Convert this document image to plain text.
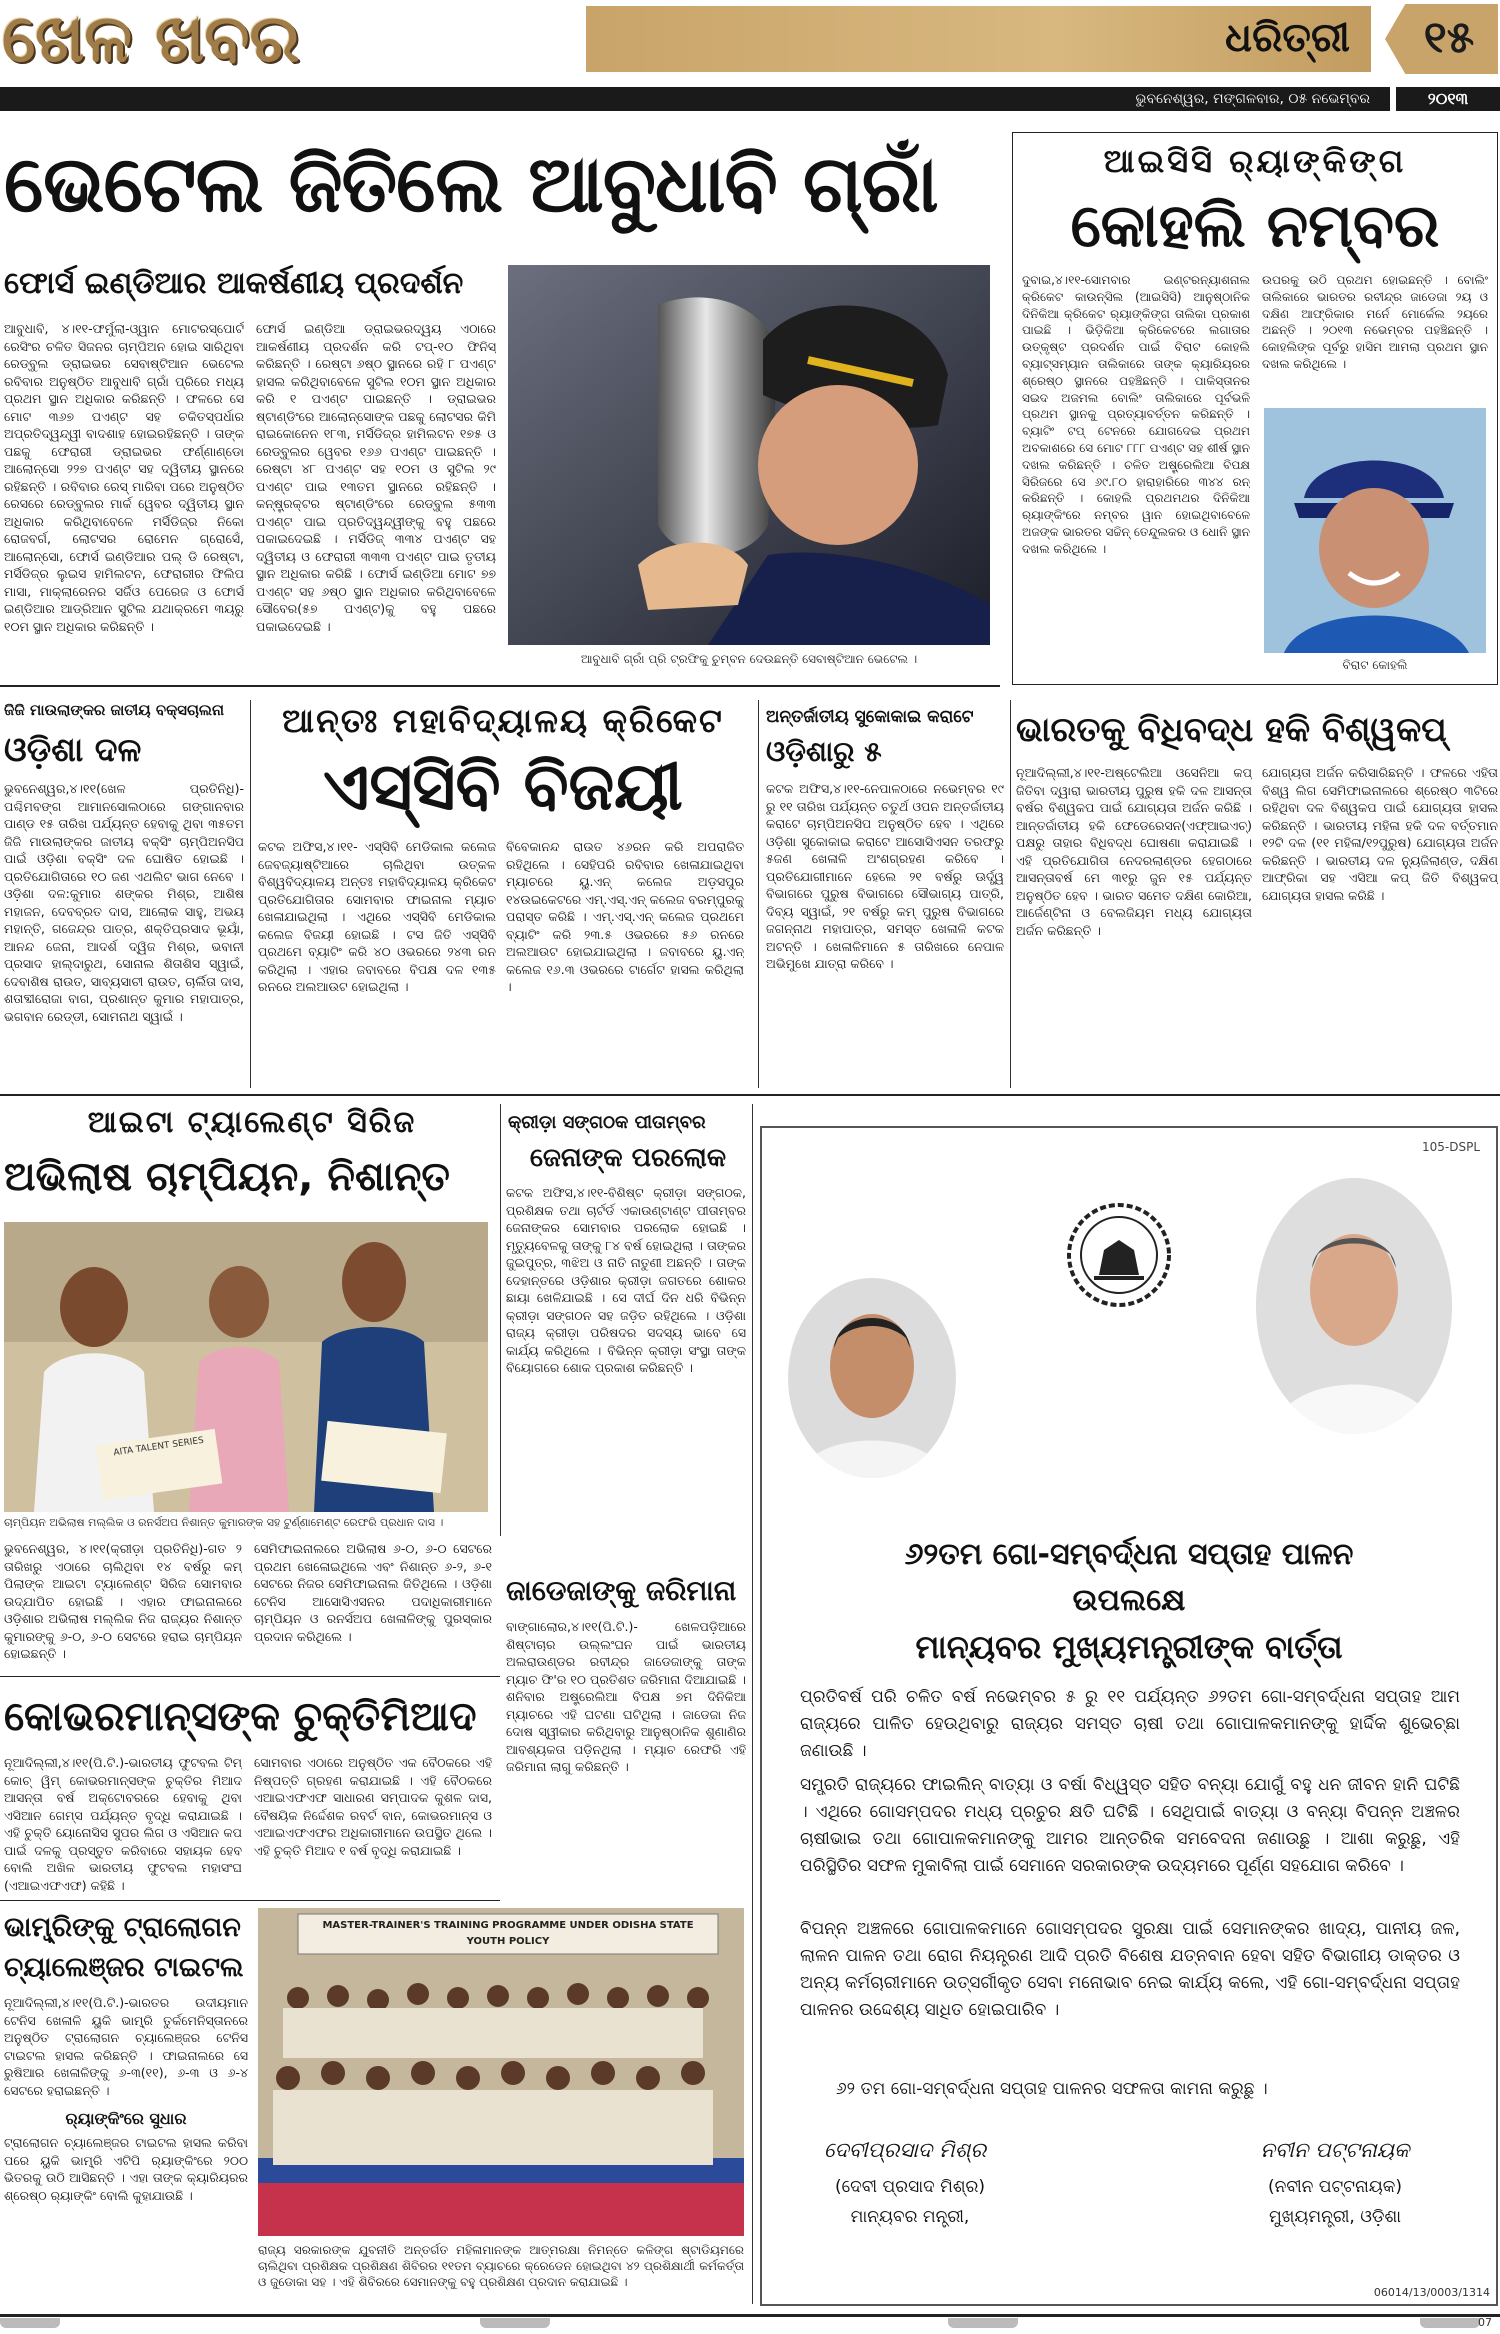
ଖେଳ ଖବର	ଧରିତ୍ରୀ	୧୫
ଭୁବନେଶ୍ୱର, ମଙ୍ଗଳବାର, ୦୫ ନଭେମ୍ବର	୨୦୧୩
ଭେଟେଲ ଜିତିଲେ ଆବୁଧାବି ଗ୍ରାଁ
ଫୋର୍ସ ଇଣ୍ଡିଆର ଆକର୍ଷଣୀୟ ପ୍ରଦର୍ଶନ
ଆବୁଧାବି, ୪।୧୧-ଫର୍ମୁଲା-ଓ୍ୱାନ ମୋଟରସ୍ପୋର୍ଟ ରେସିଂର ଚଳିତ ସିଜନର ଚାମ୍ପିଅନ ହୋଇ ସାରିଥିବା ରେଡ୍‌ବୁଲ ଡ୍ରାଇଭର ସେବାଷ୍ଟିଆନ ଭେଟେଲ ରବିବାର ଅନୁଷ୍ଠିତ ଆବୁଧାବି ଗ୍ରାଁ ପ୍ରିରେ ମଧ୍ୟ ପ୍ରଥମ ସ୍ଥାନ ଅଧିକାର କରିଛନ୍ତି । ଫଳରେ ସେ ମୋଟ ୩୬୭ ପଏଣ୍ଟ ସହ ଚକିତସ୍ପର୍ଧାର ଅପ୍ରତିଦ୍ୱନ୍ଦ୍ୱୀ ବାଦଶାହ ହୋଇରହିଛନ୍ତି । ତାଙ୍କ ପଛକୁ ଫେରାରୀ ଡ୍ରାଇଭର ଫର୍ଣ୍ଣାଣ୍ଡୋ ଆଲୋନ୍ସୋ ୨୨୭ ପଏଣ୍ଟ ସହ ଦ୍ୱିତୀୟ ସ୍ଥାନରେ ରହିଛନ୍ତି । ରବିବାର ରେସ୍‌ ମାରିବା ପରେ ଅନୁଷ୍ଠିତ ରେସରେ ରେଡ୍‌ବୁଲର ମାର୍କ ୱେବର ଦ୍ୱିତୀୟ ସ୍ଥାନ ଅଧିକାର କରିଥିବାବେଳେ ମର୍ସିଡିଜ୍‌ର ନିକୋ ରୋଜବର୍ଗ, ଲୋଟସର ରୋମେନ ଗ୍ରୋସେଁ, ଆଲୋନ୍ସୋ, ଫୋର୍ସ ଇଣ୍ଡିଆର ପଲ୍ ଡି ରେଷ୍ଟା, ମର୍ସିଡିଜ୍‌ର ଲୁଇସ ହାମିଲଟନ, ଫେରାରୀର ଫିଲିପ ମାସା, ମାକ୍‌ଲାରେନର ସର୍ଜିଓ ପେରେଜ ଓ ଫୋର୍ସ ଇଣ୍ଡିଆର ଆଡ୍ରିଆନ ସୁଟିଲ ଯଥାକ୍ରମେ ୩ୟରୁ ୧୦ମ ସ୍ଥାନ ଅଧିକାର କରିଛନ୍ତି ।
ଫୋର୍ସ ଇଣ୍ଡିଆ ଡ୍ରାଇଭରଦ୍ୱୟ ଏଠାରେ ଆକର୍ଷଣୀୟ ପ୍ରଦର୍ଶନ କରି ଟପ୍-୧୦ ଫିନିସ୍ କରିଛନ୍ତି । ରେଷ୍ଟା ୬ଷ୍ଠ ସ୍ଥାନରେ ରହି ୮ ପଏଣ୍ଟ ହାସଲ କରିଥିବାବେଳେ ସୁଟିଲ ୧୦ମ ସ୍ଥାନ ଅଧିକାର କରି ୧ ପଏଣ୍ଟ ପାଇଛନ୍ତି । ଡ୍ରାଇଭର ଷ୍ଟାଣ୍ଡିଂରେ ଆଲୋନ୍ସୋଙ୍କ ପଛକୁ ଲୋଟସର କିମି ରାଇକୋନେନ ୧୮୩, ମର୍ସିଡିଜ୍‌ର ହାମିଲଟନ ୧୭୫ ଓ ରେଡ୍‌ବୁଲର ୱେବର ୧୬୬ ପଏଣ୍ଟ ପାଇଛନ୍ତି । ରେଷ୍ଟା ୪୮ ପଏଣ୍ଟ ସହ ୧୦ମ ଓ ସୁଟିଲ ୨୯ ପଏଣ୍ଟ ପାଇ ୧୩ତମ ସ୍ଥାନରେ ରହିଛନ୍ତି । କନ୍‌ଷ୍ଟ୍ରକ୍‌ଟର ଷ୍ଟାଣ୍ଡିଂରେ ରେଡ୍‌ବୁଲ ୫୩୩ ପଏଣ୍ଟ ପାଇ ପ୍ରତିଦ୍ୱନ୍ଦ୍ୱୀଙ୍କୁ ବହୁ ପଛରେ ପକାଇଦେଇଛି । ମର୍ସିଡିଜ୍ ୩୩୪ ପଏଣ୍ଟ ସହ ଦ୍ୱିତୀୟ ଓ ଫେରାରୀ ୩୩୩ ପଏଣ୍ଟ ପାଇ ତୃତୀୟ ସ୍ଥାନ ଅଧିକାର କରିଛି । ଫୋର୍ସ ଇଣ୍ଡିଆ ମୋଟ ୭୭ ପଏଣ୍ଟ ସହ ୬ଷ୍ଠ ସ୍ଥାନ ଅଧିକାର କରିଥିବାବେଳେ ସୌବେର(୫୭ ପଏଣ୍ଟ)କୁ ବହୁ ପଛରେ ପକାଇଦେଇଛି ।
ଆବୁଧାବି ଗ୍ରାଁ ପ୍ରି ଟ୍ରଫିକୁ ଚୁମ୍ବନ ଦେଉଛନ୍ତି ସେବାଷ୍ଟିଆନ ଭେଟେଲ ।
ଆଇସିସି ର୍‍ୟାଙ୍କିଙ୍ଗ
କୋହଲି ନମ୍ବର
ଦୁବାଇ,୪।୧୧-ସୋମବାର ଇଣ୍ଟରନ୍ୟାଶନାଲ କ୍ରିକେଟ କାଉନ୍‌ସିଲ (ଆଇସିସି) ଆନୁଷ୍ଠାନିକ ଦିନିକିଆ କ୍ରିକେଟ ର୍‍ୟାଙ୍କିଙ୍ଗ ତାଲିକା ପ୍ରକାଶ ପାଇଛି । ଭିଡ଼ିକିଆ କ୍ରିକେଟରେ ଲଗାତାର ଉତ୍କୃଷ୍ଟ ପ୍ରଦର୍ଶନ ପାଇଁ ବିରାଟ କୋହଲି ବ୍ୟାଟ୍‌ସମ୍ୟାନ ତାଲିକାରେ ତାଙ୍କ କ୍ୟାରିୟରର ଶ୍ରେଷ୍ଠ ସ୍ଥାନରେ ପହଞ୍ଚିଛନ୍ତି । ପାକିସ୍ତାନର ସଇଦ ଅଜମଲ ବୋଲିଂ ତାଲିକାରେ ପୂର୍ବଭଳି ପ୍ରଥମ ସ୍ଥାନକୁ ପ୍ରତ୍ୟାବର୍ତ୍ତନ କରିଛନ୍ତି । ବ୍ୟାଟିଂ ଟପ୍ ଟେନରେ ଯୋଗଦେଇ ପ୍ରଥମ ଅବକାଶରେ ସେ ମୋଟ ୮୮୮ ପଏଣ୍ଟ ସହ ଶୀର୍ଷ ସ୍ଥାନ ଦଖଲ କରିଛନ୍ତି । ଚଳିତ ଅଷ୍ଟ୍ରେଲିଆ ବିପକ୍ଷ ସିରିଜରେ ସେ ୬୯.୮୦ ହାରାହାରିରେ ୩୪୪ ରନ୍ କରିଛନ୍ତି । କୋହଲି ପ୍ରଥମଥର ଦିନିକିଆ ର୍‍ୟାଙ୍କିଂରେ ନମ୍ବର ୱାନ ହୋଇଥିବାବେଳେ ଅଜଙ୍କ ଭାରତର ସଚ୍ଚିନ୍ ତେନ୍ଦୁଲକର ଓ ଧୋନି ସ୍ଥାନ ଦଖଲ କରିଥିଲେ ।
ଉପରକୁ ଉଠି ପ୍ରଥମ ହୋଇଛନ୍ତି । ବୋଲିଂ ତାଲିକାରେ ଭାରତର ରବୀନ୍ଦ୍ର ଜାଡେଜା ୨ୟ ଓ ଦକ୍ଷିଣ ଆଫ୍ରିକାର ମର୍ନେ ମୋର୍କେଲ ୨ୟରେ ଅଛନ୍ତି । ୨୦୧୩ ନଭେମ୍ବର ପହଞ୍ଚିଛନ୍ତି । କୋହଲିଙ୍କ ପୂର୍ବରୁ ହାସିମ ଆମଲା ପ୍ରଥମ ସ୍ଥାନ ଦଖଲ କରିଥିଲେ ।
ବିରାଟ କୋହଲି
ଜିଜି ମାଉଲାଙ୍କର ଜାତୀୟ ବକ୍ସଚାଲନା
ଓଡ଼ିଶା ଦଳ
ଭୁବନେଶ୍ୱର,୪।୧୧(ଖେଳ ପ୍ରତିନିଧି)- ପଶ୍ଚିମବଙ୍ଗ ଆମାନସୋଲଠାରେ ଗଙ୍ଗାନବାର ପାଣ୍ଡ ୧୫ ତାରିଖ ପର୍ଯ୍ୟନ୍ତ ହେବାକୁ ଥିବା ୩୫ତମ ଜିଜି ମାଉଲାଙ୍କର ଜାତୀୟ ବକ୍ସିଂ ଚାମ୍ପିଅନସିପ ପାଇଁ ଓଡ଼ିଶା ବକ୍ସିଂ ଦଳ ଘୋଷିତ ହୋଇଛି । ପ୍ରତିଯୋଗିତାରେ ୧୦ ଜଣ ଏଥଲିଟ ଭାଗ ନେବେ । ଓଡ଼ିଶା ଦଳ:କୁମାର ଶଙ୍କର ମିଶ୍ର, ଆଶିଷ ମହାଜନ, ଦେବବ୍ରତ ଦାସ, ଆଲୋକ ସାହୁ, ଅଭୟ ମହାନ୍ତି, ଗଜେନ୍ଦ୍ର ପାତ୍ର, ଶକ୍ତିପ୍ରସାଦ ଭୂୟାଁ, ଆନନ୍ଦ ଜେନା, ଆଦର୍ଶ ଦ୍ୱିଜ ମିଶ୍ର, ଭବାନୀ ପ୍ରସାଦ ହାଲ୍ଦାରୁଥ, ସୋନାଲ ଶିତାଶିସ ସ୍ୱାଇଁ, ଦେବାଶିଷ ରାଉତ, ସାବ୍ୟସାଚୀ ରାଉତ, ଚାର୍ଲିତା ଦାସ, ଶତାବ୍ଦୀରୋଜା ବାଗ, ପ୍ରଶାନ୍ତ କୁମାର ମହାପାତ୍ର, ଭଗବାନ ରେଡ୍ଡୀ, ସୋମନାଥ ସ୍ୱାଇଁ ।
ଆନ୍ତଃ ମହାବିଦ୍ୟାଳୟ କ୍ରିକେଟ
ଏସ୍‌ସିବି ବିଜୟୀ
କଟକ ଅଫିସ,୪।୧୧- ଏସ୍‌ସିବି ମେଡିକାଲ କଲେଜ ଜେବଜ୍ୟାଷ୍ଟିଆରେ ଚାଲିଥିବା ଉତ୍କଳ ବିଶ୍ୱବିଦ୍ୟାଳୟ ଅନ୍ତଃ ମହାବିଦ୍ୟାଳୟ କ୍ରିକେଟ ପ୍ରତିଯୋଗିତାର ସୋମବାର ଫାଇନାଲ ମ୍ୟାଚ ଖେଳାଯାଇଥିଲା । ଏଥିରେ ଏସ୍‌ସିବି ମେଡିକାଲ କଲେଜ ବିଜୟୀ ହୋଇଛି । ଟସ ଜିତି ଏସ୍‌ସିବି ପ୍ରଥମେ ବ୍ୟାଟିଂ କରି ୪୦ ଓଭରରେ ୨୪୩ ରନ କରିଥିଲା । ଏହାର ଜବାବରେ ବିପକ୍ଷ ଦଳ ୧୩୫ ରନରେ ଅଲଆଉଟ ହୋଇଥିଲା ।
ବିବେକାନନ୍ଦ ରାଉତ ୪୬ରନ କରି ଅପରାଜିତ ରହିଥିଲେ । ସେହିପରି ରବିବାର ଖେଳାଯାଇଥିବା ମ୍ୟାଚରେ ୟୁ.ଏନ୍ କଲେଜ ଅଡ଼ସପୁର ୧୪ଉଇକେଟରେ ଏମ୍.ଏସ୍.ଏନ୍ କଲେଜ ବରମ୍ପୁରକୁ ପରାସ୍ତ କରିଛି । ଏମ୍.ଏସ୍.ଏନ୍ କଲେଜ ପ୍ରଥମେ ବ୍ୟାଟିଂ କରି ୨୩.୫ ଓଭରରେ ୫୬ ରନରେ ଅଲଆଉଟ ହୋଇଯାଇଥିଲା । ଜବାବରେ ୟୁ.ଏନ୍ କଲେଜ ୧୬.୩ ଓଭରରେ ଟାର୍ଗେଟ ହାସଲ କରିଥିଲା ।
ଅନ୍ତର୍ଜାତୀୟ ସୁକୋକାଇ କରାଟେ
ଓଡ଼ିଶାରୁ ୫
କଟକ ଅଫିସ,୪।୧୧-ନେପାଳଠାରେ ନଭେମ୍ବର ୧୯ ରୁ ୧୧ ତାରିଖ ପର୍ଯ୍ୟନ୍ତ ଚତୁର୍ଥ ଓପନ ଅନ୍ତର୍ଜାତୀୟ କରାଟେ ଚାମ୍ପିଅନସିପ ଅନୁଷ୍ଠିତ ହେବ । ଏଥିରେ ଓଡ଼ିଶା ସୁକୋକାଇ କରାଟେ ଆସୋସିଏସନ ତରଫରୁ ୫ଜଣ ଖେଳାଳି ଅଂଶଗ୍ରହଣ କରିବେ । ପ୍ରତିଯୋଗୀମାନେ ହେଲେ ୨୧ ବର୍ଷରୁ ଊର୍ଦ୍ଧ୍ୱ ବିଭାଗରେ ପୁରୁଷ ବିଭାଗରେ ସୌଭାଗ୍ୟ ପାତ୍ରି, ଦିବ୍ୟ ସ୍ୱାଇଁ, ୨୧ ବର୍ଷରୁ କମ୍ ପୁରୁଷ ବିଭାଗରେ ଜଗନ୍ନାଥ ମହାପାତ୍ର, ସମସ୍ତ ଖେଳାଳି କଟକ ଅଟନ୍ତି । ଖେଳାଳିମାନେ ୫ ତାରିଖରେ ନେପାଳ ଅଭିମୁଖେ ଯାତ୍ରା କରିବେ ।
ଭାରତକୁ ବିଧିବଦ୍ଧ ହକି ବିଶ୍ୱକପ୍
ନୂଆଦିଲ୍ଲୀ,୪।୧୧-ଅଷ୍ଟେଲିଆ ଓସେନିଆ କପ୍ ଜିତିବା ଦ୍ୱାରା ଭାରତୀୟ ପୁରୁଷ ହକି ଦଳ ଆସନ୍ତା ବର୍ଷର ବିଶ୍ୱକପ ପାଇଁ ଯୋଗ୍ୟତା ଅର୍ଜନ କରିଛି । ଆନ୍ତର୍ଜାତୀୟ ହକି ଫେଡେରେସନ(ଏଫ୍‌ଆଇଏଚ୍) ପକ୍ଷରୁ ତାହାର ବିଧିବଦ୍ଧ ଘୋଷଣା କରାଯାଇଛି । ଏହି ପ୍ରତିଯୋଗିତା ନେଦରଲାଣ୍ଡର ହେଗଠାରେ ଆସନ୍ତାବର୍ଷ ମେ ୩୧ରୁ ଜୁନ ୧୫ ପର୍ଯ୍ୟନ୍ତ ଅନୁଷ୍ଠିତ ହେବ । ଭାରତ ସମେତ ଦକ୍ଷିଣ କୋରିଆ, ଆର୍ଜେଣ୍ଟିନା ଓ ବେଲଜିୟମ ମଧ୍ୟ ଯୋଗ୍ୟତା ଅର୍ଜନ କରିଛନ୍ତି ।
ଯୋଗ୍ୟତା ଅର୍ଜନ କରିସାରିଛନ୍ତି । ଫଳରେ ଏହିତା ବିଶ୍ୱ ଲିଗ ସେମିଫାଇନାଲରେ ଶ୍ରେଷ୍ଠ ୩ଟିରେ ରହିଥିବା ଦଳ ବିଶ୍ୱକପ ପାଇଁ ଯୋଗ୍ୟତା ହାସଲ କରିଛନ୍ତି । ଭାରତୀୟ ମହିଳା ହକି ଦଳ ବର୍ତ୍ତମାନ ୧୨ଟି ଦଳ (୧୧ ମହିଳା/୧୨ପୁରୁଷ) ଯୋଗ୍ୟତା ଅର୍ଜନ କରିଛନ୍ତି । ଭାରତୀୟ ଦଳ ନ୍ୟୁଜିଲାଣ୍ଡ, ଦକ୍ଷିଣ ଆଫ୍ରିକା ସହ ଏସିଆ କପ୍ ଜିତି ବିଶ୍ୱକପ୍ ଯୋଗ୍ୟତା ହାସଲ କରିଛି ।
ଆଇଟା ଟ୍ୟାଲେଣ୍ଟ ସିରିଜ
ଅଭିଲାଷ ଚାମ୍ପିୟନ, ନିଶାନ୍ତ
AITA TALENT SERIES
ଚାମ୍ପିୟନ ଅଭିଲାଷ ମଲ୍ଲିକ ଓ ରନର୍ସଅପ ନିଶାନ୍ତ କୁମାରଙ୍କ ସହ ଟୁର୍ଣ୍ଣାମେଣ୍ଟ ରେଫରି ପ୍ରଧାନ ଦାସ ।
ଭୁବନେଶ୍ୱର, ୪।୧୧(କ୍ରୀଡ଼ା ପ୍ରତିନିଧି)-ଗତ ୨ ତାରିଖରୁ ଏଠାରେ ଚାଲିଥିବା ୧୪ ବର୍ଷରୁ କମ୍ ପିଲାଙ୍କ ଆଇଟା ଟ୍ୟାଲେଣ୍ଟ ସିରିଜ ସୋମବାର ଉଦ୍‌ଯାପିତ ହୋଇଛି । ଏହାର ଫାଇନାଲରେ ଓଡ଼ିଶାର ଅଭିଲାଷ ମଲ୍ଲିକ ନିଜ ରାଜ୍ୟର ନିଶାନ୍ତ କୁମାରଙ୍କୁ ୬-୦, ୬-୦ ସେଟରେ ହରାଇ ଚାମ୍ପିୟନ ହୋଇଛନ୍ତି ।
ସେମିଫାଇନାଲରେ ଅଭିଲାଷ ୬-୦, ୬-୦ ସେଟରେ ପ୍ରଥମ ଖେଳୋଇଥିଲେ ଏବଂ ନିଶାନ୍ତ ୬-୨, ୬-୧ ସେଟରେ ନିଜର ସେମିଫାଇନାଲ ଜିତିଥିଲେ । ଓଡ଼ିଶା ଟେନିସ ଆସୋସିଏସନର ପଦାଧିକାରୀମାନେ ଚାମ୍ପିୟନ ଓ ରନର୍ସଅପ ଖେଳାଳିଙ୍କୁ ପୁରସ୍କାର ପ୍ରଦାନ କରିଥିଲେ ।
କ୍ରୀଡ଼ା ସଙ୍ଗଠକ ପୀତାମ୍ବର
ଜେନାଙ୍କ ପରଲୋକ
କଟକ ଅଫିସ,୪।୧୧-ବିଶିଷ୍ଟ କ୍ରୀଡ଼ା ସଙ୍ଗଠକ, ପ୍ରଶିକ୍ଷକ ତଥା ଚାର୍ଟର୍ଡ ଏକାଉଣ୍ଟାଣ୍ଟ ପୀତାମ୍ବର ଜେନାଙ୍କର ସୋମବାର ପରଲୋକ ହୋଇଛି । ମୃତ୍ୟୁବେଳକୁ ତାଙ୍କୁ ୮୪ ବର୍ଷ ହୋଇଥିଲା । ତାଙ୍କର ଜୁଇପୁତ୍ର, ୩ଝିଅ ଓ ନାତି ନାତୁଣୀ ଅଛନ୍ତି । ତାଙ୍କ ଦେହାନ୍ତରେ ଓଡ଼ିଶାର କ୍ରୀଡ଼ା ଜଗତରେ ଶୋକର ଛାୟା ଖେଳିଯାଇଛି । ସେ ଦୀର୍ଘ ଦିନ ଧରି ବିଭିନ୍ନ କ୍ରୀଡ଼ା ସଙ୍ଗଠନ ସହ ଜଡ଼ିତ ରହିଥିଲେ । ଓଡ଼ିଶା ରାଜ୍ୟ କ୍ରୀଡ଼ା ପରିଷଦର ସଦସ୍ୟ ଭାବେ ସେ କାର୍ଯ୍ୟ କରିଥିଲେ । ବିଭିନ୍ନ କ୍ରୀଡ଼ା ସଂସ୍ଥା ତାଙ୍କ ବିୟୋଗରେ ଶୋକ ପ୍ରକାଶ କରିଛନ୍ତି ।
ଜାଡେଜାଙ୍କୁ ଜରିମାନା
ବାଙ୍ଗାଲୋର,୪।୧୧(ପି.ଟି.)- ଖେଳପଡ଼ିଆରେ ଶିଷ୍ଟାଚାର ଉଲ୍ଲଂଘନ ପାଇଁ ଭାରତୀୟ ଅଲରାଉଣ୍ଡର ରବୀନ୍ଦ୍ର ଜାଡେଜାଙ୍କୁ ତାଙ୍କ ମ୍ୟାଚ ଫି'ର ୧୦ ପ୍ରତିଶତ ଜରିମାନା ଦିଆଯାଇଛି । ଶନିବାର ଅଷ୍ଟ୍ରେଲିଆ ବିପକ୍ଷ ୭ମ ଦିନିକିଆ ମ୍ୟାଚରେ ଏହି ଘଟଣା ଘଟିଥିଲା । ଜାଡେଜା ନିଜ ଦୋଷ ସ୍ୱୀକାର କରିଥିବାରୁ ଆନୁଷ୍ଠାନିକ ଶୁଣାଣିର ଆବଶ୍ୟକତା ପଡ଼ିନଥିଲା । ମ୍ୟାଚ ରେଫରି ଏହି ଜରିମାନା ଲାଗୁ କରିଛନ୍ତି ।
କୋଭରମାନ୍ସଙ୍କ ଚୁକ୍ତିମିଆଦ
ନୂଆଦିଲ୍ଲୀ,୪।୧୧(ପି.ଟି.)-ଭାରତୀୟ ଫୁଟବଲ ଟିମ୍ କୋଚ୍ ୱିମ୍ କୋଭରମାନ୍ସଙ୍କ ଚୁକ୍ତିର ମିଆଦ ଆସନ୍ତା ବର୍ଷ ଅକ୍ଟୋବରରେ ହେବାକୁ ଥିବା ଏସିଆନ ଗେମ୍ସ ପର୍ଯ୍ୟନ୍ତ ବୃଦ୍ଧି କରାଯାଇଛି । ଏହି ଚୁକ୍ତି ୟୋନୋସିସ ସୁପର ଲିଗ ଓ ଏସିଆନ କପ ପାଇଁ ଦଳକୁ ପ୍ରସ୍ତୁତ କରିବାରେ ସହାୟକ ହେବ ବୋଲି ଅଖିଳ ଭାରତୀୟ ଫୁଟବଲ ମହାସଂଘ (ଏଆଇଏଫଏଫ) କହିଛି ।
ସୋମବାର ଏଠାରେ ଅନୁଷ୍ଠିତ ଏକ ବୈଠକରେ ଏହି ନିଷ୍ପତ୍ତି ଗ୍ରହଣ କରାଯାଇଛି । ଏହି ବୈଠକରେ ଏଆଇଏଫଏଫ ସାଧାରଣ ସମ୍ପାଦକ କୁଶଳ ଦାସ, ବୈଷୟିକ ନିର୍ଦ୍ଦେଶକ ରବର୍ଟ ବାନ, କୋଭରମାନ୍ସ ଓ ଏଆଇଏଫଏଫର ଅଧିକାରୀମାନେ ଉପସ୍ଥିତ ଥିଲେ । ଏହି ଚୁକ୍ତି ମିଆଦ ୧ ବର୍ଷ ବୃଦ୍ଧି କରାଯାଇଛି ।
ଭାମ୍ବ୍ରିଙ୍କୁ ଟ୍ରାଲୋଗନ
ଚ୍ୟାଲେଞ୍ଜର ଟାଇଟଲ
ନୂଆଦିଲ୍ଲୀ,୪।୧୧(ପି.ଟି.)-ଭାରତର ଉଦୀୟମାନ ଟେନିସ ଖେଳାଳି ୟୁକି ଭାମ୍ବ୍ରି ତୁର୍କମେନିସ୍ତାନରେ ଅନୁଷ୍ଠିତ ଟ୍ରାଲୋଗନ ଚ୍ୟାଲେଞ୍ଜର ଟେନିସ ଟାଇଟଲ ହାସଲ କରିଛନ୍ତି । ଫାଇନାଲରେ ସେ ରୁଷିଆର ଖେଳାଳିଙ୍କୁ ୬-୩(୧୧), ୬-୩ ଓ ୬-୪ ସେଟରେ ହରାଇଛନ୍ତି ।
ର୍‍ୟାଙ୍କିଂରେ ସୁଧାର
ଟ୍ରାଲୋଗନ ଚ୍ୟାଲେଞ୍ଜର ଟାଇଟଲ ହାସଲ କରିବା ପରେ ୟୁକି ଭାମ୍ବ୍ରି ଏଟିପି ର୍‍ୟାଙ୍କିଂରେ ୨୦୦ ଭିତରକୁ ଉଠି ଆସିଛନ୍ତି । ଏହା ତାଙ୍କ କ୍ୟାରିୟରର ଶ୍ରେଷ୍ଠ ର୍‍ୟାଙ୍କିଂ ବୋଲି କୁହାଯାଉଛି ।
MASTER-TRAINER'S TRAINING PROGRAMME UNDER ODISHA STATE YOUTH POLICY
ରାଜ୍ୟ ସରକାରଙ୍କ ଯୁବନୀତି ଅନ୍ତର୍ଗତ ମହିଳାମାନଙ୍କ ଆତ୍ମରକ୍ଷା ନିମନ୍ତେ କଳିଙ୍ଗ ଷ୍ଟାଡିୟମରେ ଚାଲିଥିବା ପ୍ରଶିକ୍ଷକ ପ୍ରଶିକ୍ଷଣ ଶିବିରର ୧୧ତମ ବ୍ୟାଚରେ କ୍ରେଡେନ ହୋଇଥିବା ୪୨ ପ୍ରଶିକ୍ଷାର୍ଥୀ କର୍ମକର୍ତ୍ତା ଓ ଜୁଡୋକା ସହ । ଏହି ଶିବିରରେ ସେମାନଙ୍କୁ ବହୁ ପ୍ରଶିକ୍ଷଣ ପ୍ରଦାନ କରାଯାଇଛି ।
105-DSPL
୬୨ତମ ଗୋ-ସମ୍ବର୍ଦ୍ଧନା ସପ୍ତାହ ପାଳନ
ଉପଲକ୍ଷେ
ମାନ୍ୟବର ମୁଖ୍ୟମନ୍ତ୍ରୀଙ୍କ ବାର୍ତ୍ତା
ପ୍ରତିବର୍ଷ ପରି ଚଳିତ ବର୍ଷ ନଭେମ୍ବର ୫ ରୁ ୧୧ ପର୍ଯ୍ୟନ୍ତ ୬୨ତମ ଗୋ-ସମ୍ବର୍ଦ୍ଧନା ସପ୍ତାହ ଆମ ରାଜ୍ୟରେ ପାଳିତ ହେଉଥିବାରୁ ରାଜ୍ୟର ସମସ୍ତ ଚାଷୀ ତଥା ଗୋପାଳକମାନଙ୍କୁ ହାର୍ଦ୍ଦିକ ଶୁଭେଚ୍ଛା ଜଣାଉଛି ।
ସମ୍ପ୍ରତି ରାଜ୍ୟରେ ଫାଇଲିନ୍ ବାତ୍ୟା ଓ ବର୍ଷା ବିଧ୍ୱସ୍ତ ସହିତ ବନ୍ୟା ଯୋଗୁଁ ବହୁ ଧନ ଜୀବନ ହାନି ଘଟିଛି । ଏଥିରେ ଗୋସମ୍ପଦର ମଧ୍ୟ ପ୍ରଚୁର କ୍ଷତି ଘଟିଛି । ସେଥିପାଇଁ ବାତ୍ୟା ଓ ବନ୍ୟା ବିପନ୍ନ ଅଞ୍ଚଳର ଚାଷୀଭାଇ ତଥା ଗୋପାଳକମାନଙ୍କୁ ଆମର ଆନ୍ତରିକ ସମବେଦନା ଜଣାଉଛୁ । ଆଶା କରୁଛୁ, ଏହି ପରିସ୍ଥିତିର ସଫଳ ମୁକାବିଲା ପାଇଁ ସେମାନେ ସରକାରଙ୍କ ଉଦ୍ୟମରେ ପୂର୍ଣ୍ଣ ସହଯୋଗ କରିବେ ।
ବିପନ୍ନ ଅଞ୍ଚଳରେ ଗୋପାଳକମାନେ ଗୋସମ୍ପଦର ସୁରକ୍ଷା ପାଇଁ ସେମାନଙ୍କର ଖାଦ୍ୟ, ପାନୀୟ ଜଳ, ଲାଳନ ପାଳନ ତଥା ରୋଗ ନିୟନ୍ତ୍ରଣ ଆଦି ପ୍ରତି ବିଶେଷ ଯତ୍ନବାନ ହେବା ସହିତ ବିଭାଗୀୟ ଡାକ୍ତର ଓ ଅନ୍ୟ କର୍ମଚାରୀମାନେ ଉତ୍ସର୍ଗୀକୃତ ସେବା ମନୋଭାବ ନେଇ କାର୍ଯ୍ୟ କଲେ, ଏହି ଗୋ-ସମ୍ବର୍ଦ୍ଧନା ସପ୍ତାହ ପାଳନର ଉଦ୍ଦେଶ୍ୟ ସାଧିତ ହୋଇପାରିବ ।
୬୨ ତମ ଗୋ-ସମ୍ବର୍ଦ୍ଧନା ସପ୍ତାହ ପାଳନର ସଫଳତା କାମନା କରୁଛୁ ।
ଦେବୀପ୍ରସାଦ ମିଶ୍ର
(ଦେବୀ ପ୍ରସାଦ ମିଶ୍ର)
ମାନ୍ୟବର ମନ୍ତ୍ରୀ,
ନବୀନ ପଟ୍ଟନାୟକ
(ନବୀନ ପଟ୍ଟନାୟକ)
ମୁଖ୍ୟମନ୍ତ୍ରୀ, ଓଡ଼ିଶା
06014/13/0003/1314
07
